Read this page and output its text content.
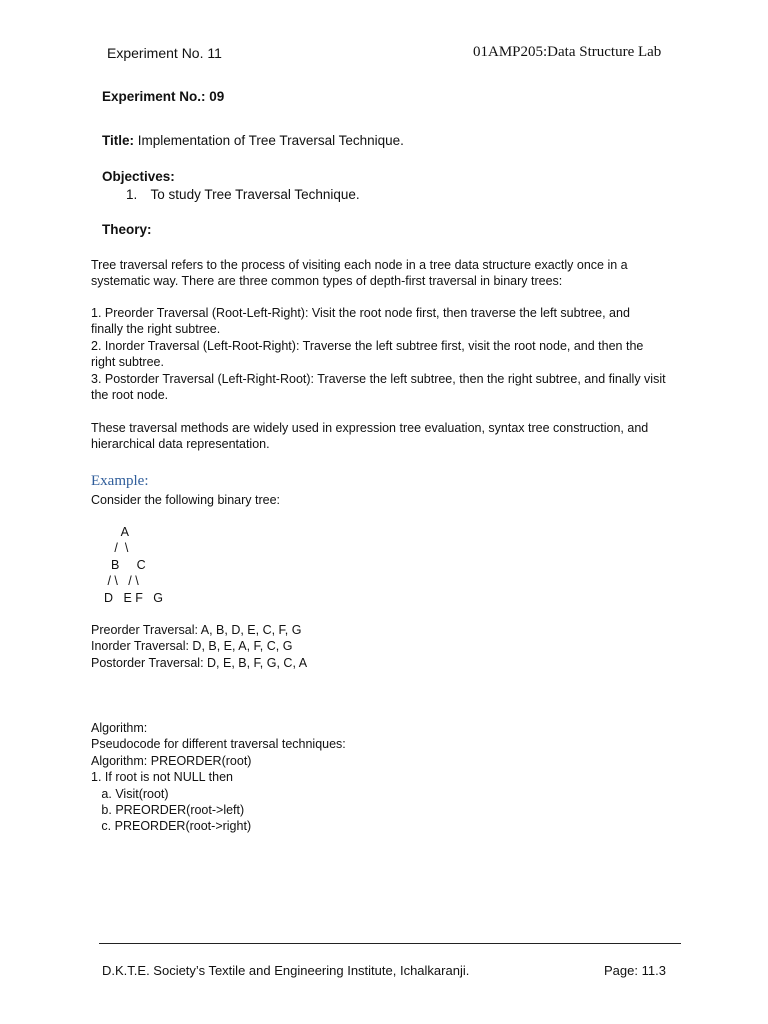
Experiment No. 11	01AMP205:Data Structure Lab
Experiment No.: 09
Title: Implementation of Tree Traversal Technique.
Objectives:
1. To study Tree Traversal Technique.
Theory:
Tree traversal refers to the process of visiting each node in a tree data structure exactly once in a
systematic way. There are three common types of depth-first traversal in binary trees:
1. Preorder Traversal (Root-Left-Right): Visit the root node first, then traverse the left subtree, and
finally the right subtree.
2. Inorder Traversal (Left-Root-Right): Traverse the left subtree first, visit the root node, and then the
right subtree.
3. Postorder Traversal (Left-Right-Root): Traverse the left subtree, then the right subtree, and finally visit
the root node.
These traversal methods are widely used in expression tree evaluation, syntax tree construction, and
hierarchical data representation.
Example:
Consider the following binary tree:
A
/  \
B     C
/ \   / \
D   E F   G
Preorder Traversal: A, B, D, E, C, F, G
Inorder Traversal: D, B, E, A, F, C, G
Postorder Traversal: D, E, B, F, G, C, A
Algorithm:
Pseudocode for different traversal techniques:
Algorithm: PREORDER(root)
1. If root is not NULL then
a. Visit(root)
b. PREORDER(root->left)
c. PREORDER(root->right)
D.K.T.E. Society’s Textile and Engineering Institute, Ichalkaranji.	Page: 11.3
